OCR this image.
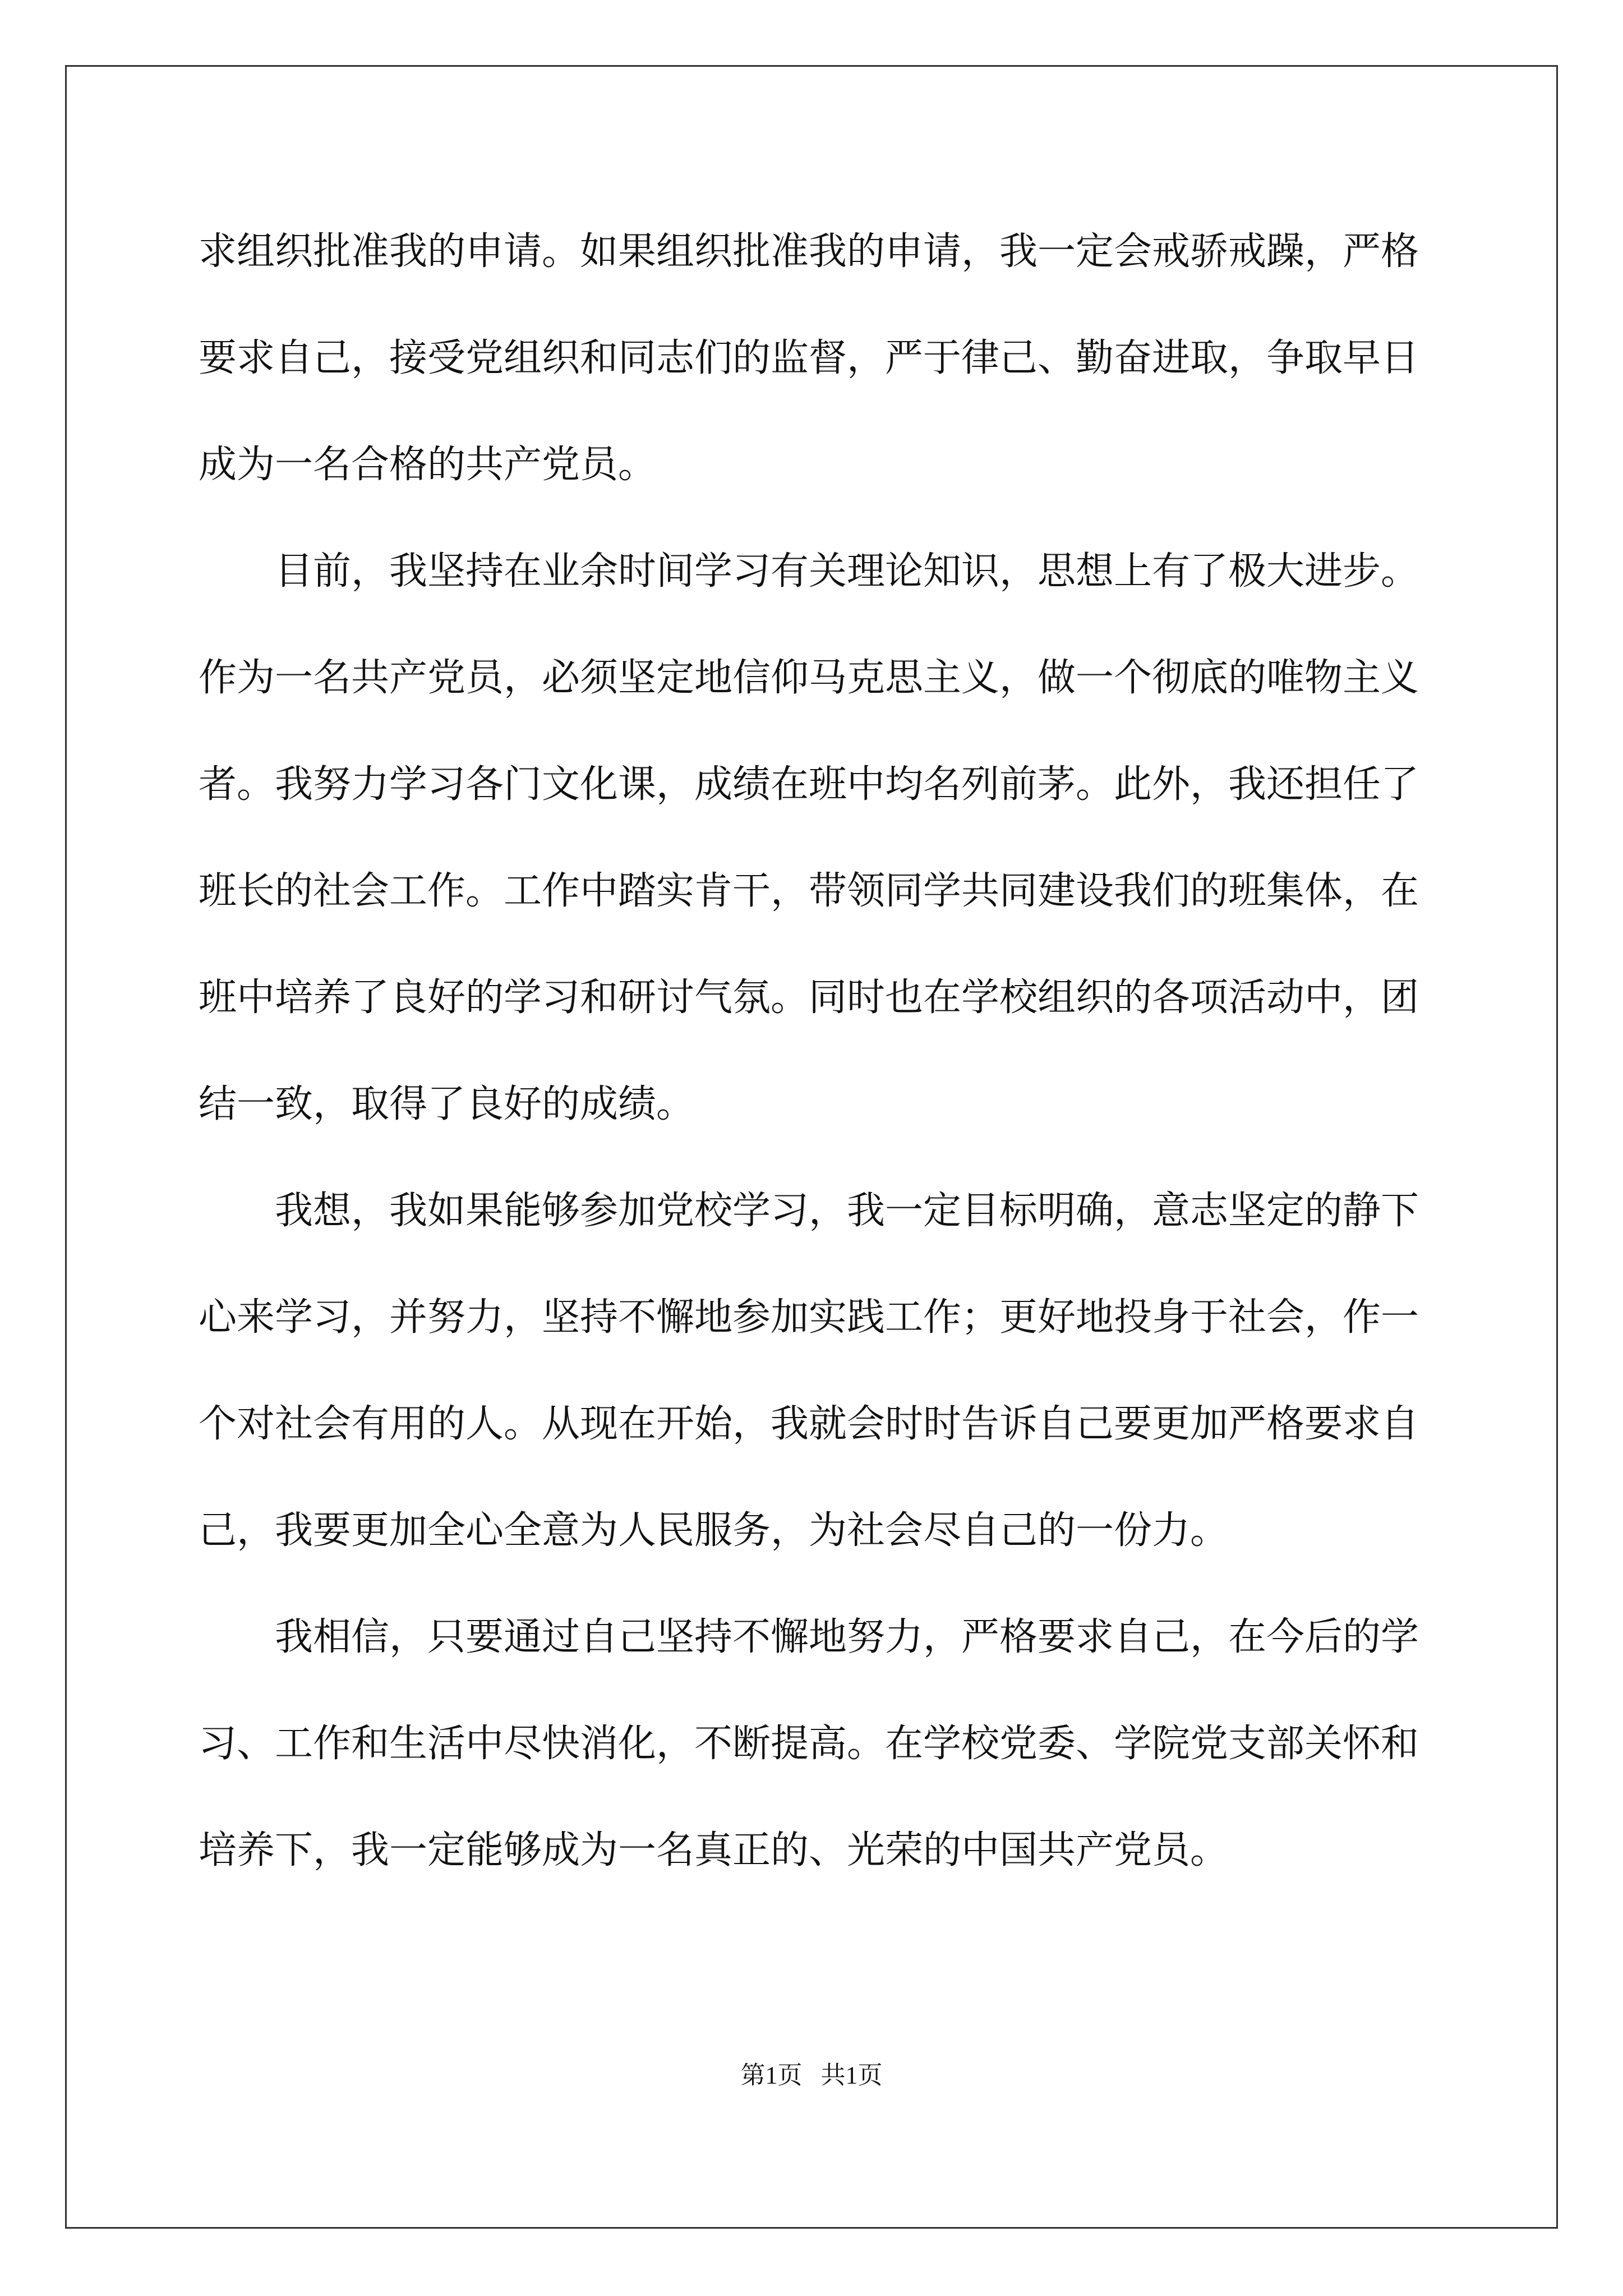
求组织批准我的申请。如果组织批准我的申请，我一定会戒骄戒躁，严格要求自己，接受党组织和同志们的监督，严于律己、勤奋进取，争取早日成为一名合格的共产党员。

目前，我坚持在业余时间学习有关理论知识，思想上有了极大进步。作为一名共产党员，必须坚定地信仰马克思主义，做一个彻底的唯物主义者。我努力学习各门文化课，成绩在班中均名列前茅。此外，我还担任了班长的社会工作。工作中踏实肯干，带领同学共同建设我们的班集体，在班中培养了良好的学习和研讨气氛。同时也在学校组织的各项活动中，团结一致，取得了良好的成绩。

我想，我如果能够参加党校学习，我一定目标明确，意志坚定的静下心来学习，并努力，坚持不懈地参加实践工作；更好地投身于社会，作一个对社会有用的人。从现在开始，我就会时时告诉自己要更加严格要求自己，我要更加全心全意为人民服务，为社会尽自己的一份力。

我相信，只要通过自己坚持不懈地努力，严格要求自己，在今后的学习、工作和生活中尽快消化，不断提高。在学校党委、学院党支部关怀和培养下，我一定能够成为一名真正的、光荣的中国共产党员。

第1页   共1页
